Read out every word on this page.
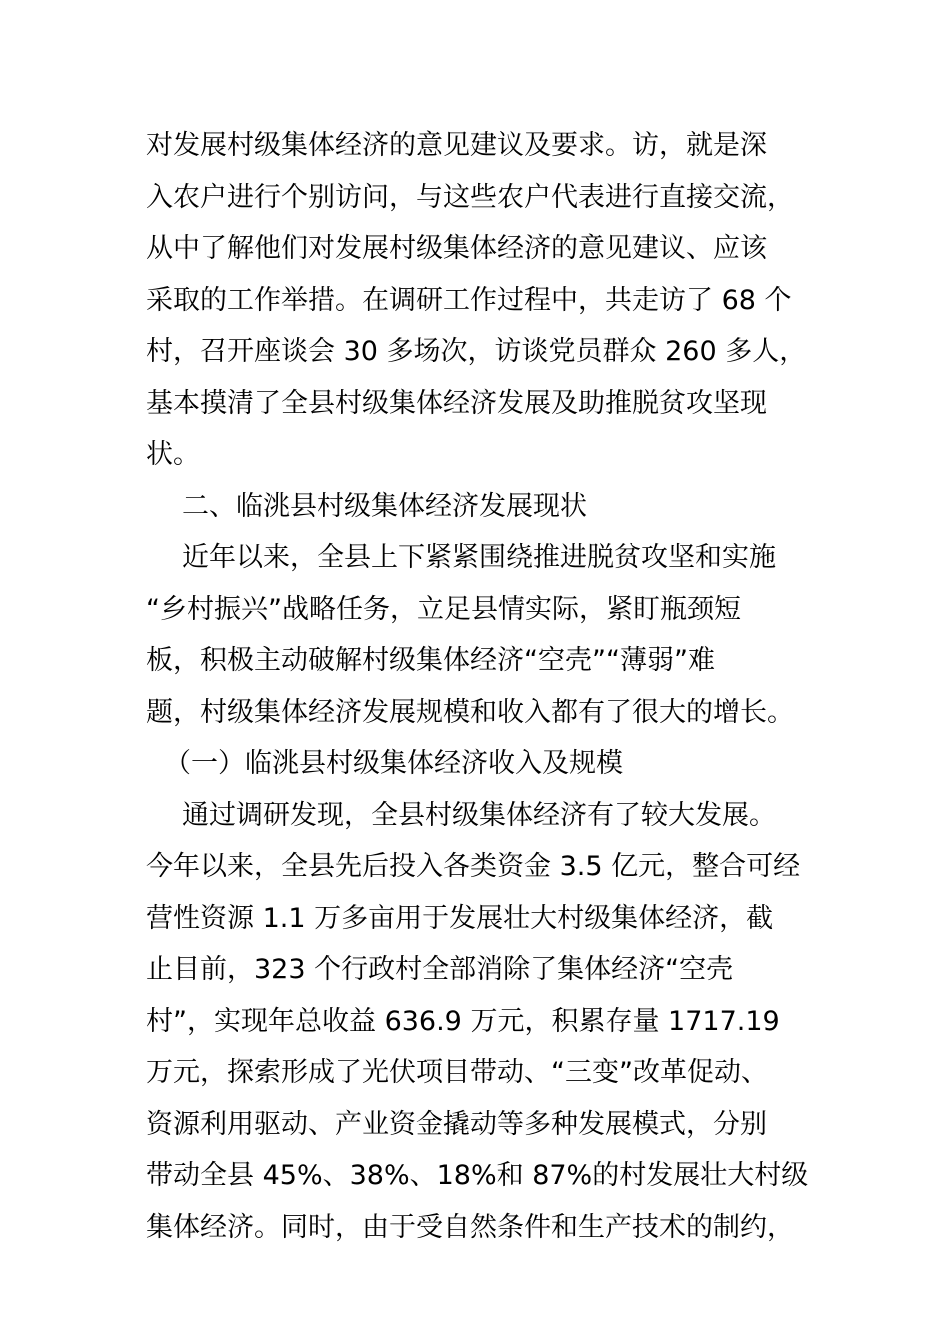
对发展村级集体经济的意见建议及要求。访，就是深
入农户进行个别访问，与这些农户代表进行直接交流，
从中了解他们对发展村级集体经济的意见建议、应该
采取的工作举措。在调研工作过程中，共走访了 68 个
村，召开座谈会 30 多场次，访谈党员群众 260 多人，
基本摸清了全县村级集体经济发展及助推脱贫攻坚现
状。
二、临洮县村级集体经济发展现状
近年以来，全县上下紧紧围绕推进脱贫攻坚和实施
“乡村振兴”战略任务，立足县情实际，紧盯瓶颈短
板，积极主动破解村级集体经济“空壳”“薄弱”难
题，村级集体经济发展规模和收入都有了很大的增长。
（一）临洮县村级集体经济收入及规模
通过调研发现，全县村级集体经济有了较大发展。
今年以来，全县先后投入各类资金 3.5 亿元，整合可经
营性资源 1.1 万多亩用于发展壮大村级集体经济，截
止目前，323 个行政村全部消除了集体经济“空壳
村”，实现年总收益 636.9 万元，积累存量 1717.19
万元，探索形成了光伏项目带动、“三变”改革促动、
资源利用驱动、产业资金撬动等多种发展模式，分别
带动全县 45%、38%、18%和 87%的村发展壮大村级
集体经济。同时，由于受自然条件和生产技术的制约，
